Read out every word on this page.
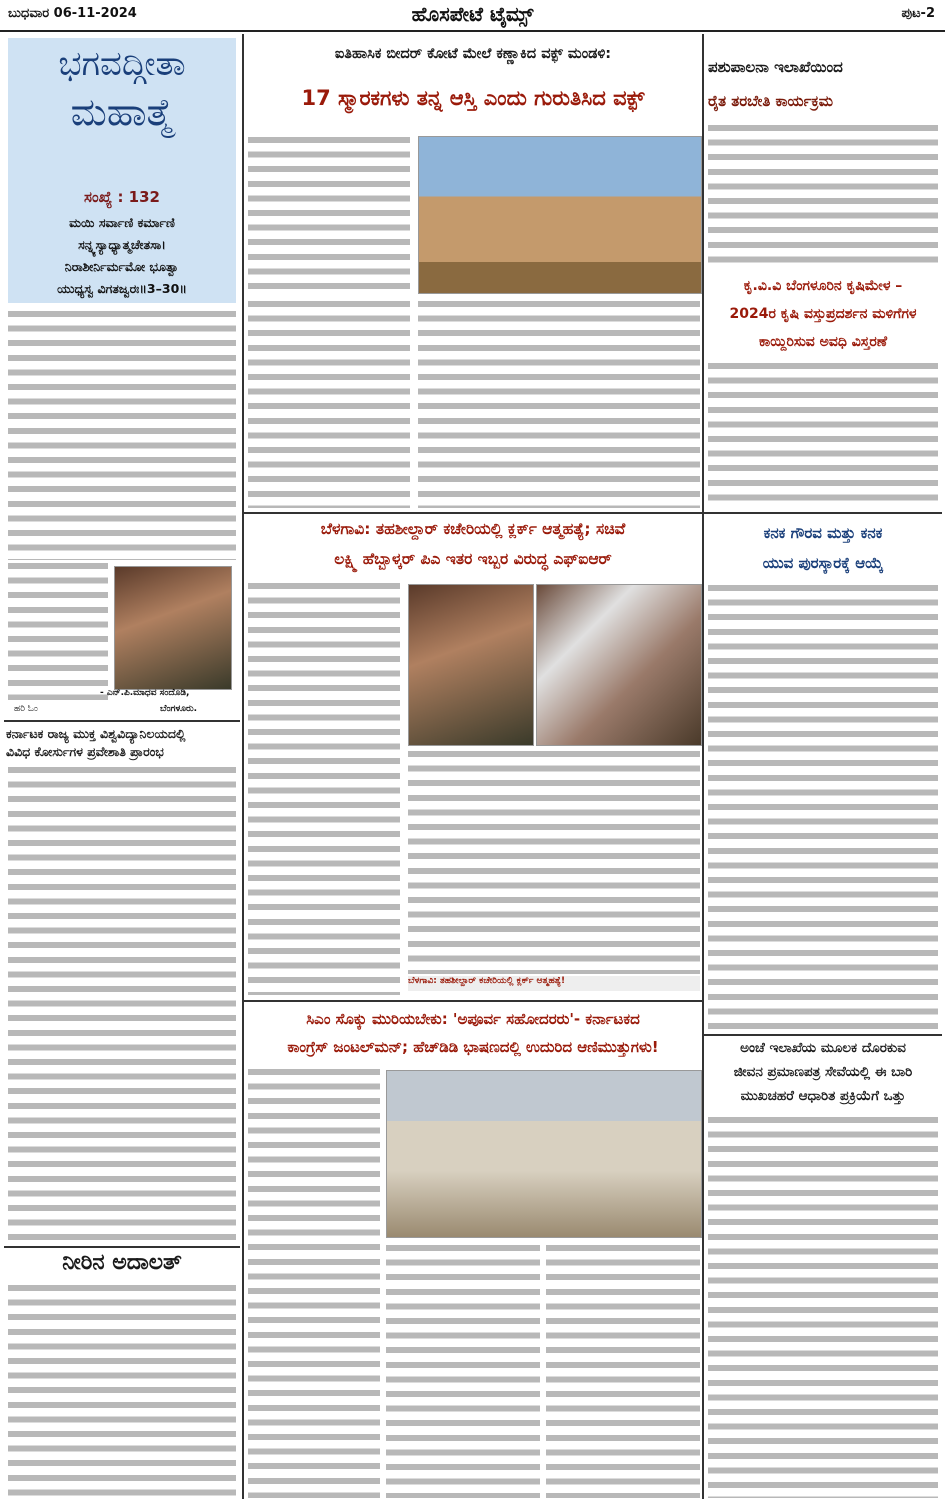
ಬುಧವಾರ 06-11-2024	ಹೊಸಪೇಟೆ ಟೈಮ್ಸ್	ಪುಟ-2
ಭಗವದ್ಗೀತಾ
ಮಹಾತ್ಮೆ
ಸಂಖ್ಯೆ : 132
ಮಯಿ ಸರ್ವಾಣಿ ಕರ್ಮಾಣಿ
ಸನ್ನ್ಯಸ್ಯಾಧ್ಯಾತ್ಮಚೇತಸಾ।
ನಿರಾಶೀರ್ನಿರ್ಮಮೋ ಭೂತ್ವಾ
ಯುಧ್ಯಸ್ವ ವಿಗತಜ್ವರಃ॥3–30॥
- ಎನ್.ಪಿ.ಮಾಧವ ಸಂದೊಡಿ,
ಬೆಂಗಳೂರು.
ಹರಿ ಓಂ
ಕರ್ನಾಟಕ ರಾಜ್ಯ ಮುಕ್ತ ವಿಶ್ವವಿದ್ಯಾನಿಲಯದಲ್ಲಿ
ವಿವಿಧ ಕೋರ್ಸುಗಳ ಪ್ರವೇಶಾತಿ ಪ್ರಾರಂಭ
ನೀರಿನ ಅದಾಲತ್
ಐತಿಹಾಸಿಕ ಬೀದರ್ ಕೋಟೆ ಮೇಲೆ ಕಣ್ಣಾಕಿದ ವಕ್ಫ್ ಮಂಡಳಿ:
17 ಸ್ಮಾರಕಗಳು ತನ್ನ ಆಸ್ತಿ ಎಂದು ಗುರುತಿಸಿದ ವಕ್ಫ್
ಬೆಳಗಾವಿ: ತಹಶೀಲ್ದಾರ್ ಕಚೇರಿಯಲ್ಲಿ ಕ್ಲರ್ಕ್ ಆತ್ಮಹತ್ಯೆ; ಸಚಿವೆ
ಲಕ್ಷ್ಮಿ ಹೆಬ್ಬಾಳ್ಕರ್ ಪಿಎ ಇತರ ಇಬ್ಬರ ವಿರುದ್ಧ ಎಫ್ಐಆರ್
ಬೆಳಗಾವಿ: ತಹಶೀಲ್ದಾರ್ ಕಚೇರಿಯಲ್ಲಿ ಕ್ಲರ್ಕ್ ಆತ್ಮಹತ್ಯೆ!
ಸಿಎಂ ಸೊಕ್ಕು ಮುರಿಯಬೇಕು: 'ಅಪೂರ್ವ ಸಹೋದರರು'- ಕರ್ನಾಟಕದ
ಕಾಂಗ್ರೆಸ್ ಜಂಟಲ್‌ಮನ್; ಹೆಚ್‌ಡಿಡಿ ಭಾಷಣದಲ್ಲಿ ಉದುರಿದ ಆಣಿಮುತ್ತುಗಳು!
ಪಶುಪಾಲನಾ ಇಲಾಖೆಯಿಂದ
ರೈತ ತರಬೇತಿ ಕಾರ್ಯಕ್ರಮ
ಕೃ.ವಿ.ವಿ ಬೆಂಗಳೂರಿನ ಕೃಷಿಮೇಳ –
2024ರ ಕೃಷಿ ವಸ್ತುಪ್ರದರ್ಶನ ಮಳಿಗೆಗಳ
ಕಾಯ್ದಿರಿಸುವ ಅವಧಿ ವಿಸ್ತರಣೆ
ಕನಕ ಗೌರವ ಮತ್ತು ಕನಕ
ಯುವ ಪುರಸ್ಕಾರಕ್ಕೆ ಆಯ್ಕೆ
ಅಂಚೆ ಇಲಾಖೆಯ ಮೂಲಕ ದೊರಕುವ
ಜೀವನ ಪ್ರಮಾಣಪತ್ರ ಸೇವೆಯಲ್ಲಿ ಈ ಬಾರಿ
ಮುಖಚಹರೆ ಆಧಾರಿತ ಪ್ರಕ್ರಿಯೆಗೆ ಒತ್ತು
